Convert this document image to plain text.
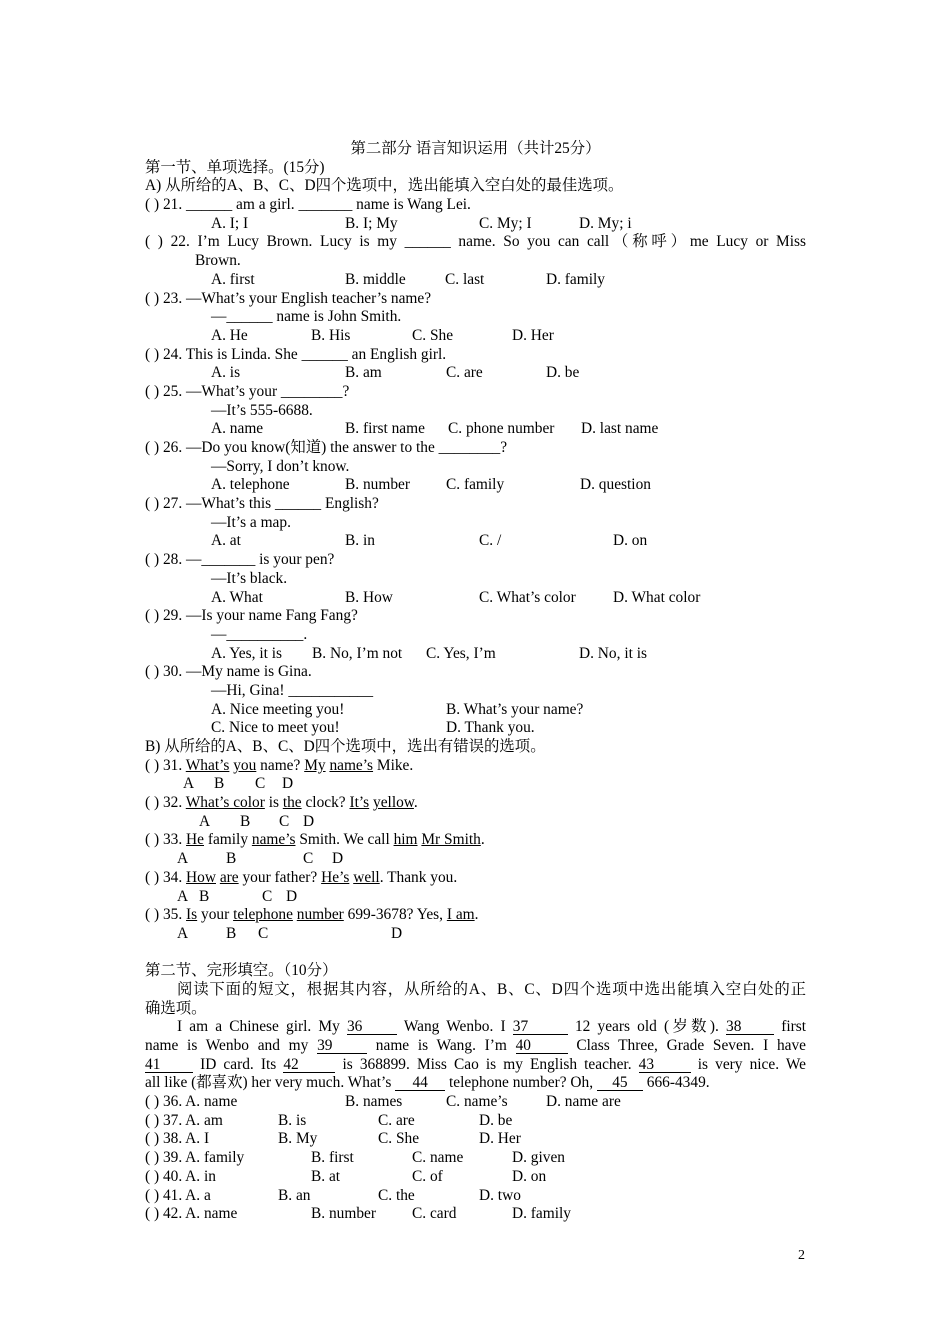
第二部分 语言知识运用（共计25分）
第一节、单项选择。(15分)
A) 从所给的A、B、C、D四个选项中，选出能填入空白处的最佳选项。
( ) 21. ______ am a girl. _______ name is Wang Lei.
A. I; I	B. I; My	C. My; I	D. My; i
( ) 22. I’m Lucy Brown. Lucy is my ______ name. So you can call（称呼）me Lucy or Miss
Brown.
A. first	B. middle	C. last	D. family
( ) 23. —What’s your English teacher’s name?
—______ name is John Smith.
A. He	B. His	C. She	D. Her
( ) 24. This is Linda. She ______ an English girl.
A. is	B. am	C. are	D. be
( ) 25. —What’s your ________?
—It’s 555-6688.
A. name	B. first name	C. phone number	D. last name
( ) 26. —Do you know(知道) the answer to the ________?
—Sorry, I don’t know.
A. telephone	B. number	C. family	D. question
( ) 27. —What’s this ______ English?
—It’s a map.
A. at	B. in	C. /	D. on
( ) 28. —_______ is your pen?
—It’s black.
A. What	B. How	C. What’s color	D. What color
( ) 29. —Is your name Fang Fang?
—__________.
A. Yes, it is	B. No, I’m not	C. Yes, I’m	D. No, it is
( ) 30. —My name is Gina.
—Hi, Gina! ___________
A. Nice meeting you!	B. What’s your name?
C. Nice to meet you!	D. Thank you.
B) 从所给的A、B、C、D四个选项中，选出有错误的选项。
( ) 31. What’s you name? My name’s Mike.
A B C D
( ) 32. What’s color is the clock? It’s yellow.
A B C D
( ) 33. He family name’s Smith. We call him Mr Smith.
A B	C D
( ) 34. How are your father? He’s well. Thank you.
A B	C D
( ) 35. Is your telephone number 699-3678? Yes, I am.
A B C	D
第二节、完形填空。（10分）
阅读下面的短文，根据其内容，从所给的A、B、C、D四个选项中选出能填入空白处的正
确选项。
I am a Chinese girl. My 36 Wang Wenbo. I 37	12 years old (岁数). 38 first
name is Wenbo and my 39 name is Wang. I’m 40 Class Three, Grade Seven. I have
41 ID card. Its 42 is 368899. Miss Cao is my English teacher. 43 is very nice. We
all like (都喜欢) her very much. What’s 44 telephone number? Oh, 45 666-4349.
( ) 36. A. name	B. names	C. name’s	D. name are
( ) 37. A. am	B. is	C. are	D. be
( ) 38. A. I	B. My	C. She	D. Her
( ) 39. A. family	B. first	C. name	D. given
( ) 40. A. in	B. at	C. of	D. on
( ) 41. A. a	B. an	C. the	D. two
( ) 42. A. name	B. number	C. card	D. family
2
